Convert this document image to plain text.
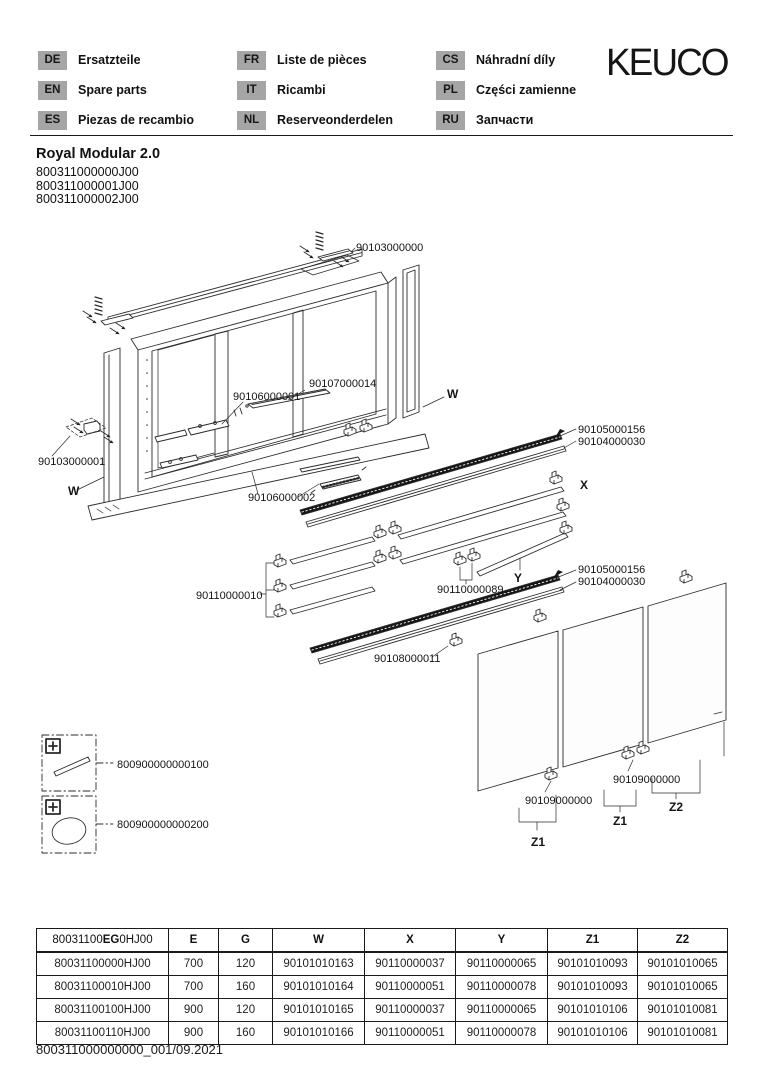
DE	Ersatzteile
EN	Spare parts
ES	Piezas de recambio
FR	Liste de pièces
IT	Ricambi
NL	Reserveonderdelen
CS	Náhradní díly
PL	Części zamienne
RU	Запчасти
KEUCO
Royal Modular 2.0
800311000000J00
800311000001J00
800311000002J00
90103000000
90103000001
W
90106000001
90107000014
W
90106000002
90105000156
90104000030
X
90110000010	90110000089
Y
90105000156
90104000030
90108000011
90109000000
Z1
90109000000
Z1
Z2
800900000000100
800900000000200
80031100EG0HJ00	E	G	W	X	Y	Z1	Z2
80031100000HJ00	700	120	90101010163	90110000037	90110000065	90101010093	90101010065
80031100010HJ00	700	160	90101010164	90110000051	90110000078	90101010093	90101010065
80031100100HJ00	900	120	90101010165	90110000037	90110000065	90101010106	90101010081
80031100110HJ00	900	160	90101010166	90110000051	90110000078	90101010106	90101010081
800311000000000_001/09.2021
